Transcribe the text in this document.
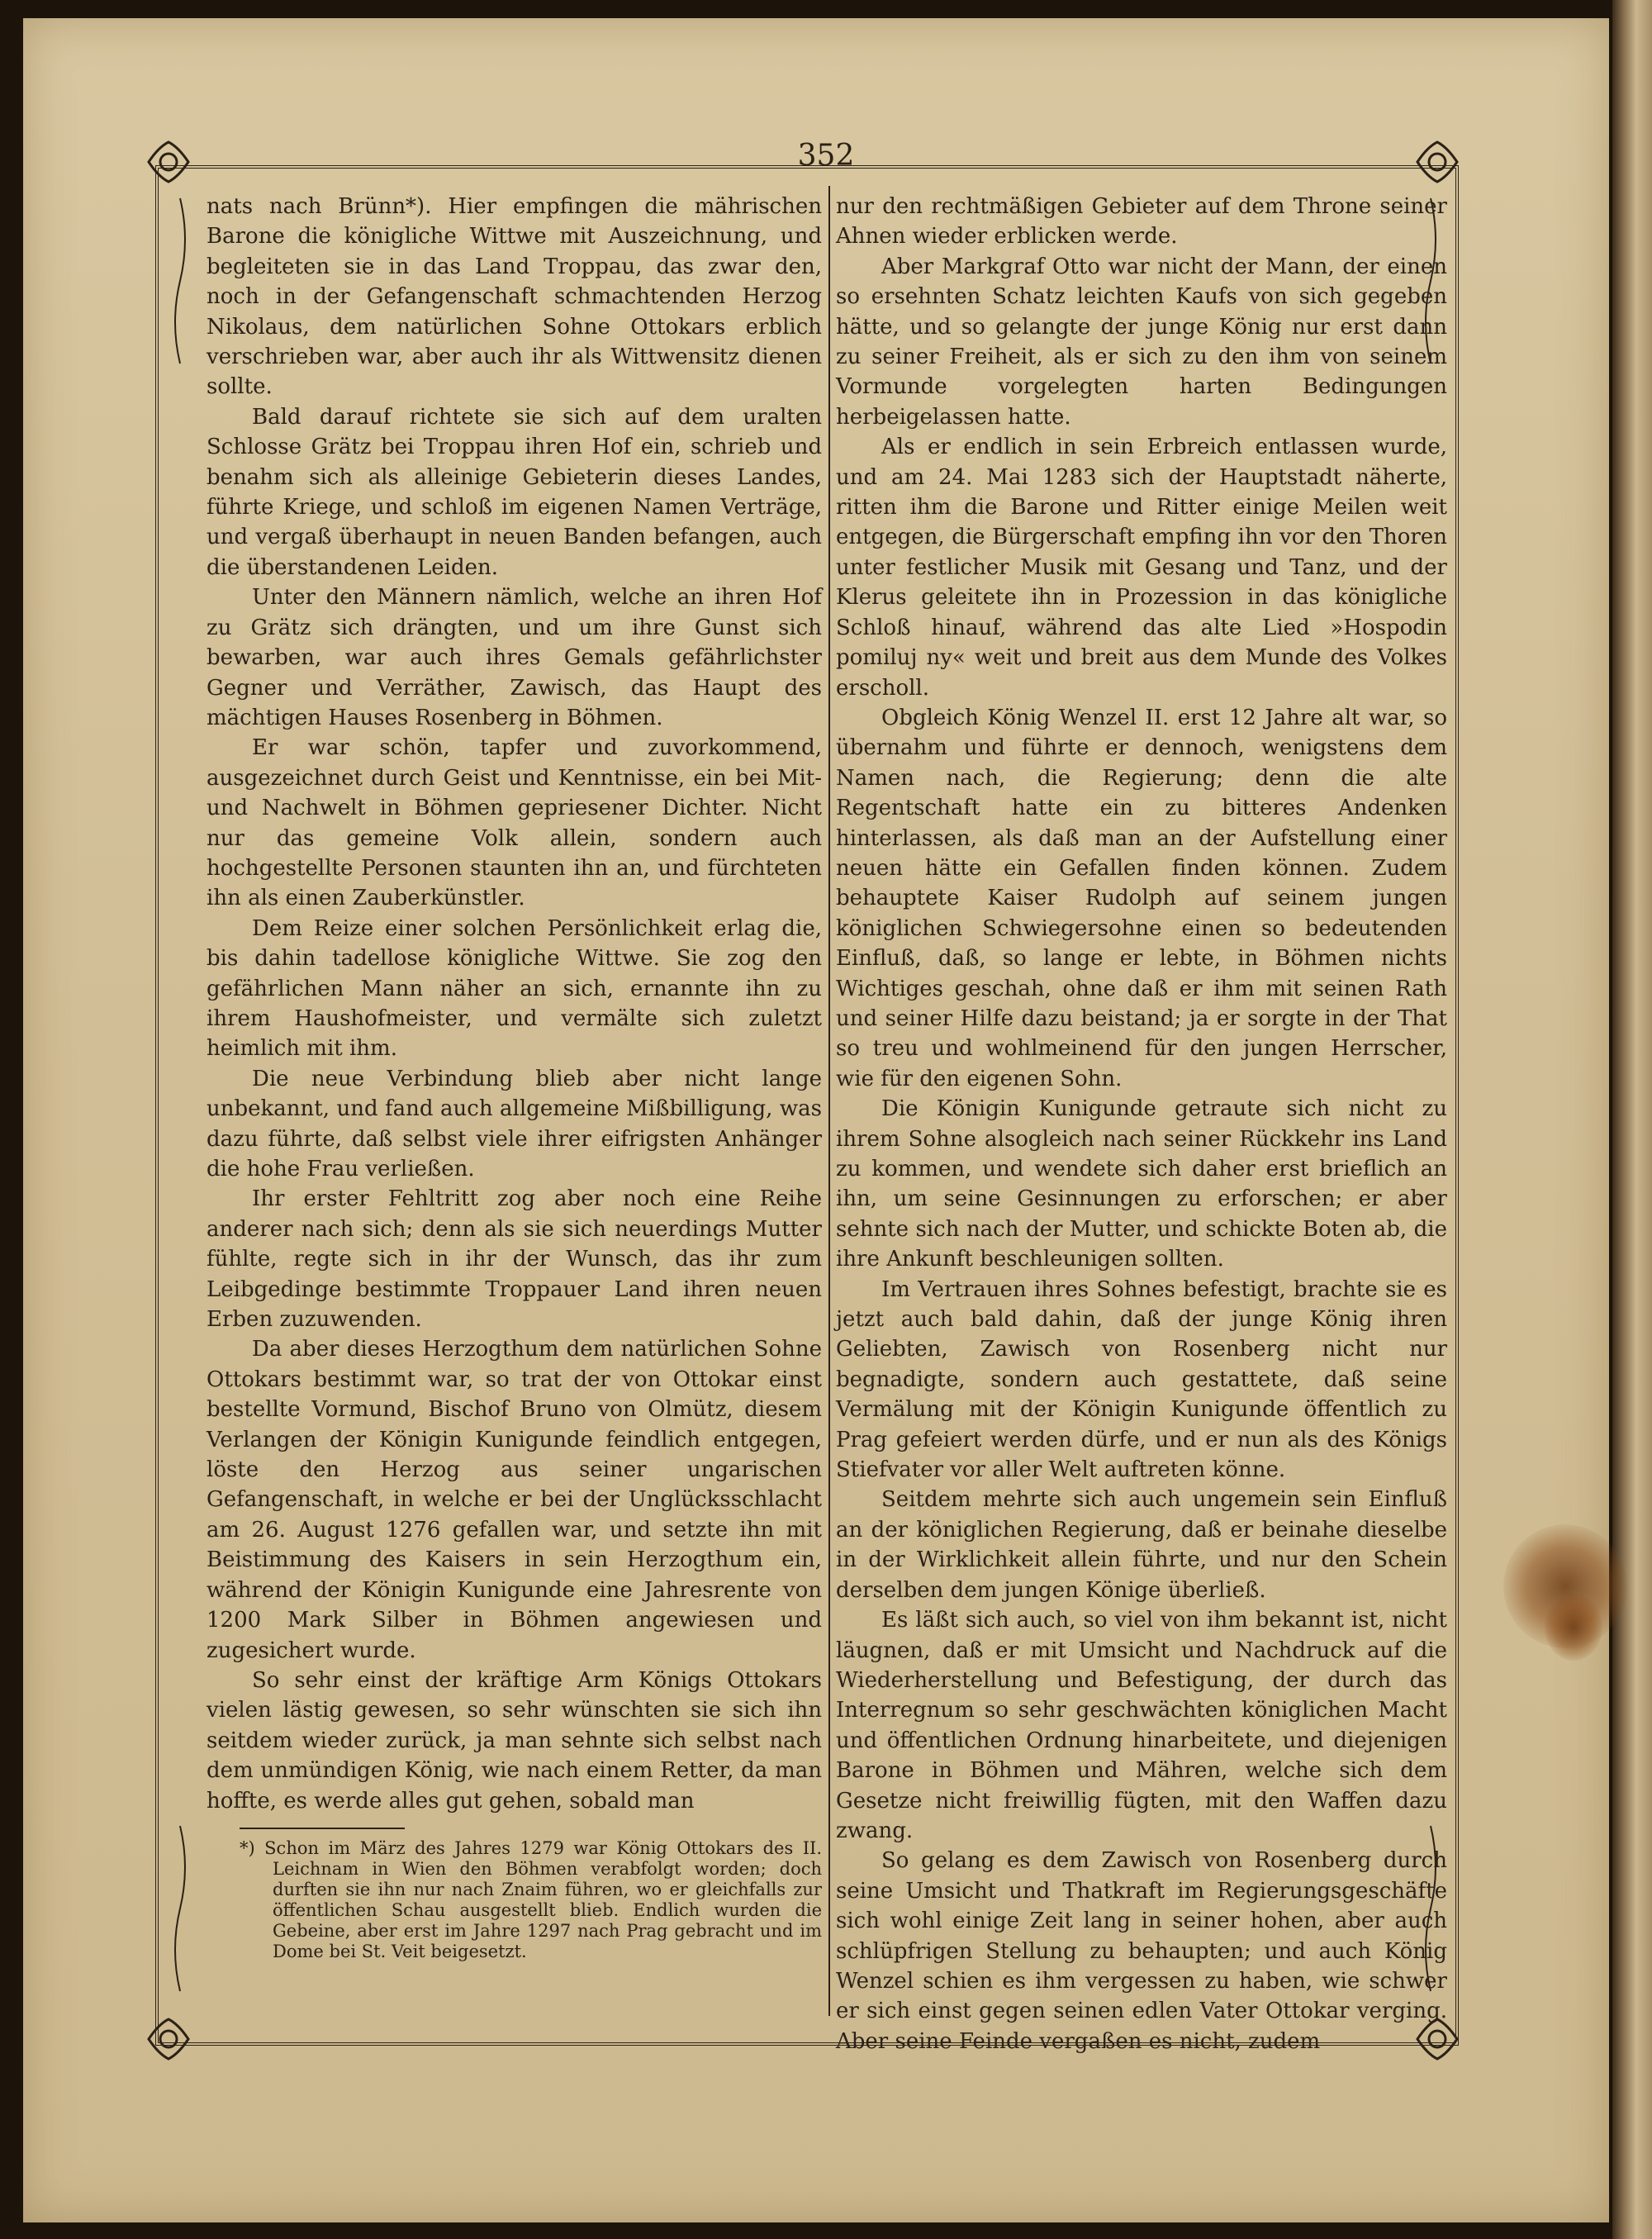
352

nats nach Brünn*). Hier empfingen die mährischen Barone die königliche Wittwe mit Auszeichnung, und begleiteten sie in das Land Troppau, das zwar den, noch in der Gefangenschaft schmachtenden Herzog Nikolaus, dem natürlichen Sohne Ottokars erblich verschrieben war, aber auch ihr als Wittwensitz dienen sollte.

Bald darauf richtete sie sich auf dem uralten Schlosse Grätz bei Troppau ihren Hof ein, schrieb und benahm sich als alleinige Gebieterin dieses Landes, führte Kriege, und schloß im eigenen Namen Verträge, und vergaß überhaupt in neuen Banden befangen, auch die überstandenen Leiden.

Unter den Männern nämlich, welche an ihren Hof zu Grätz sich drängten, und um ihre Gunst sich bewarben, war auch ihres Gemals gefährlichster Gegner und Verräther, Zawisch, das Haupt des mächtigen Hauses Rosenberg in Böhmen.

Er war schön, tapfer und zuvorkommend, ausgezeichnet durch Geist und Kenntnisse, ein bei Mit- und Nachwelt in Böhmen gepriesener Dichter. Nicht nur das gemeine Volk allein, sondern auch hochgestellte Personen staunten ihn an, und fürchteten ihn als einen Zauberkünstler.

Dem Reize einer solchen Persönlichkeit erlag die, bis dahin tadellose königliche Wittwe. Sie zog den gefährlichen Mann näher an sich, ernannte ihn zu ihrem Haushofmeister, und vermälte sich zuletzt heimlich mit ihm.

Die neue Verbindung blieb aber nicht lange unbekannt, und fand auch allgemeine Mißbilligung, was dazu führte, daß selbst viele ihrer eifrigsten Anhänger die hohe Frau verließen.

Ihr erster Fehltritt zog aber noch eine Reihe anderer nach sich; denn als sie sich neuerdings Mutter fühlte, regte sich in ihr der Wunsch, das ihr zum Leibgedinge bestimmte Troppauer Land ihren neuen Erben zuzuwenden.

Da aber dieses Herzogthum dem natürlichen Sohne Ottokars bestimmt war, so trat der von Ottokar einst bestellte Vormund, Bischof Bruno von Olmütz, diesem Verlangen der Königin Kunigunde feindlich entgegen, löste den Herzog aus seiner ungarischen Gefangenschaft, in welche er bei der Unglücksschlacht am 26. August 1276 gefallen war, und setzte ihn mit Beistimmung des Kaisers in sein Herzogthum ein, während der Königin Kunigunde eine Jahresrente von 1200 Mark Silber in Böhmen angewiesen und zugesichert wurde.

So sehr einst der kräftige Arm Königs Ottokars vielen lästig gewesen, so sehr wünschten sie sich ihn seitdem wieder zurück, ja man sehnte sich selbst nach dem unmündigen König, wie nach einem Retter, da man hoffte, es werde alles gut gehen, sobald man

*) Schon im März des Jahres 1279 war König Ottokars des II. Leichnam in Wien den Böhmen verabfolgt worden; doch durften sie ihn nur nach Znaim führen, wo er gleichfalls zur öffentlichen Schau ausgestellt blieb. Endlich wurden die Gebeine, aber erst im Jahre 1297 nach Prag gebracht und im Dome bei St. Veit beigesetzt.

nur den rechtmäßigen Gebieter auf dem Throne seiner Ahnen wieder erblicken werde.

Aber Markgraf Otto war nicht der Mann, der einen so ersehnten Schatz leichten Kaufs von sich gegeben hätte, und so gelangte der junge König nur erst dann zu seiner Freiheit, als er sich zu den ihm von seinem Vormunde vorgelegten harten Bedingungen herbeigelassen hatte.

Als er endlich in sein Erbreich entlassen wurde, und am 24. Mai 1283 sich der Hauptstadt näherte, ritten ihm die Barone und Ritter einige Meilen weit entgegen, die Bürgerschaft empfing ihn vor den Thoren unter festlicher Musik mit Gesang und Tanz, und der Klerus geleitete ihn in Prozession in das königliche Schloß hinauf, während das alte Lied »Hospodin pomiluj ny« weit und breit aus dem Munde des Volkes erscholl.

Obgleich König Wenzel II. erst 12 Jahre alt war, so übernahm und führte er dennoch, wenigstens dem Namen nach, die Regierung; denn die alte Regentschaft hatte ein zu bitteres Andenken hinterlassen, als daß man an der Aufstellung einer neuen hätte ein Gefallen finden können. Zudem behauptete Kaiser Rudolph auf seinem jungen königlichen Schwiegersohne einen so bedeutenden Einfluß, daß, so lange er lebte, in Böhmen nichts Wichtiges geschah, ohne daß er ihm mit seinen Rath und seiner Hilfe dazu beistand; ja er sorgte in der That so treu und wohlmeinend für den jungen Herrscher, wie für den eigenen Sohn.

Die Königin Kunigunde getraute sich nicht zu ihrem Sohne alsogleich nach seiner Rückkehr ins Land zu kommen, und wendete sich daher erst brieflich an ihn, um seine Gesinnungen zu erforschen; er aber sehnte sich nach der Mutter, und schickte Boten ab, die ihre Ankunft beschleunigen sollten.

Im Vertrauen ihres Sohnes befestigt, brachte sie es jetzt auch bald dahin, daß der junge König ihren Geliebten, Zawisch von Rosenberg nicht nur begnadigte, sondern auch gestattete, daß seine Vermälung mit der Königin Kunigunde öffentlich zu Prag gefeiert werden dürfe, und er nun als des Königs Stiefvater vor aller Welt auftreten könne.

Seitdem mehrte sich auch ungemein sein Einfluß an der königlichen Regierung, daß er beinahe dieselbe in der Wirklichkeit allein führte, und nur den Schein derselben dem jungen Könige überließ.

Es läßt sich auch, so viel von ihm bekannt ist, nicht läugnen, daß er mit Umsicht und Nachdruck auf die Wiederherstellung und Befestigung, der durch das Interregnum so sehr geschwächten königlichen Macht und öffentlichen Ordnung hinarbeitete, und diejenigen Barone in Böhmen und Mähren, welche sich dem Gesetze nicht freiwillig fügten, mit den Waffen dazu zwang.

So gelang es dem Zawisch von Rosenberg durch seine Umsicht und Thatkraft im Regierungsgeschäfte sich wohl einige Zeit lang in seiner hohen, aber auch schlüpfrigen Stellung zu behaupten; und auch König Wenzel schien es ihm vergessen zu haben, wie schwer er sich einst gegen seinen edlen Vater Ottokar verging. Aber seine Feinde vergaßen es nicht, zudem
